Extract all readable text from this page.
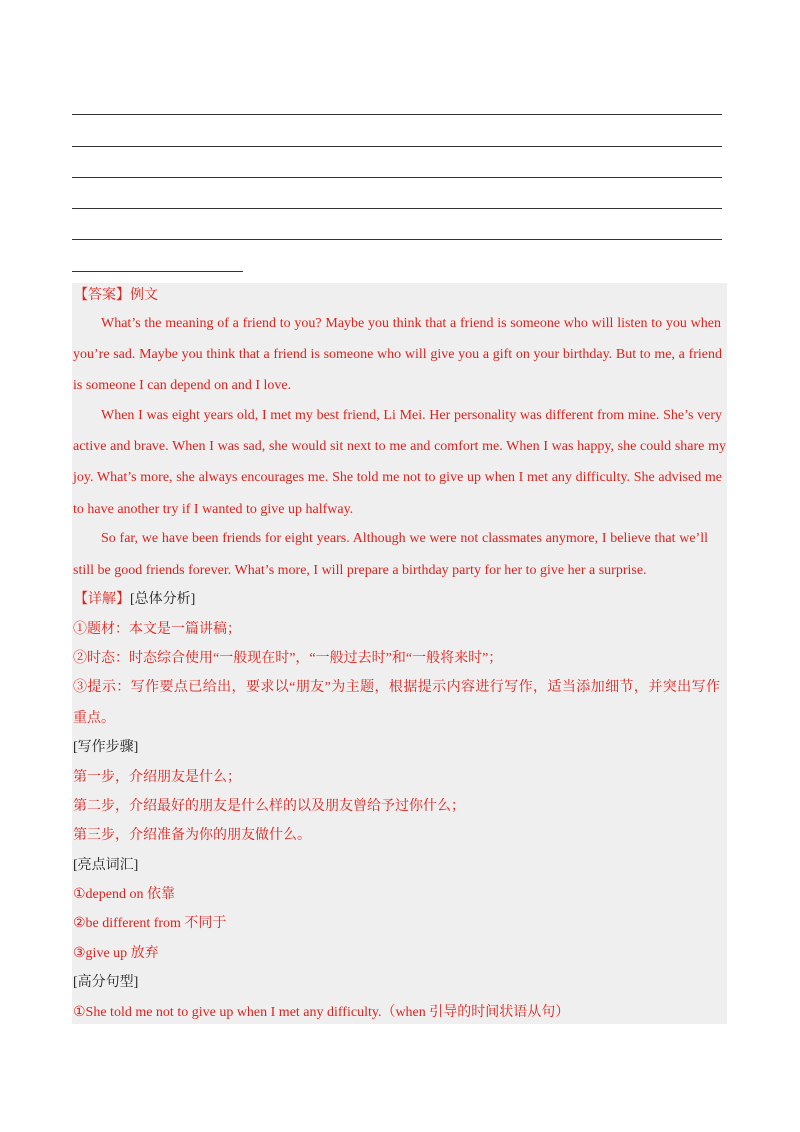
【答案】例文
What’s the meaning of a friend to you? Maybe you think that a friend is someone who will listen to you when
you’re sad. Maybe you think that a friend is someone who will give you a gift on your birthday. But to me, a friend
is someone I can depend on and I love.
When I was eight years old, I met my best friend, Li Mei. Her personality was different from mine. She’s very
active and brave. When I was sad, she would sit next to me and comfort me. When I was happy, she could share my
joy. What’s more, she always encourages me. She told me not to give up when I met any difficulty. She advised me
to have another try if I wanted to give up halfway.
So far, we have been friends for eight years. Although we were not classmates anymore, I believe that we’ll
still be good friends forever. What’s more, I will prepare a birthday party for her to give her a surprise.
【详解】[总体分析]
①题材：本文是一篇讲稿；
②时态：时态综合使用“一般现在时”，“一般过去时”和“一般将来时”；
③提示：写作要点已给出，要求以“朋友”为主题，根据提示内容进行写作，适当添加细节，并突出写作
重点。
[写作步骤]
第一步，介绍朋友是什么；
第二步，介绍最好的朋友是什么样的以及朋友曾给予过你什么；
第三步，介绍准备为你的朋友做什么。
[亮点词汇]
①depend on 依靠
②be different from 不同于
③give up 放弃
[高分句型]
①She told me not to give up when I met any difficulty.（when 引导的时间状语从句）
